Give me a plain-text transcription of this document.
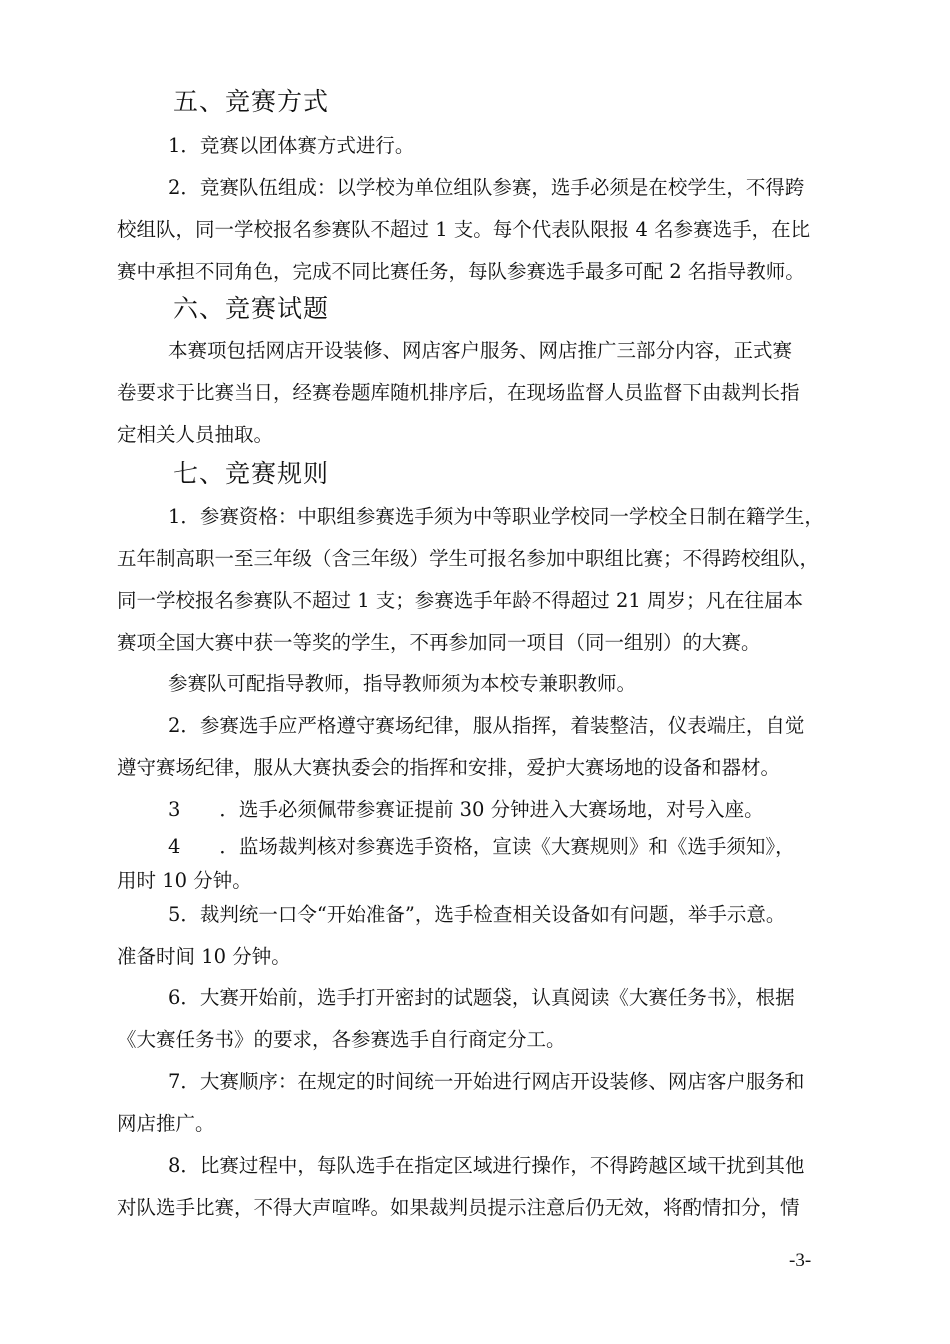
五、竞赛方式
1．竞赛以团体赛方式进行。
2．竞赛队伍组成：以学校为单位组队参赛，选手必须是在校学生，不得跨
校组队，同一学校报名参赛队不超过 1 支。每个代表队限报 4 名参赛选手，在比
赛中承担不同角色，完成不同比赛任务，每队参赛选手最多可配 2 名指导教师。
六、竞赛试题
本赛项包括网店开设装修、网店客户服务、网店推广三部分内容，正式赛
卷要求于比赛当日，经赛卷题库随机排序后，在现场监督人员监督下由裁判长指
定相关人员抽取。
七、竞赛规则
1．参赛资格：中职组参赛选手须为中等职业学校同一学校全日制在籍学生，
五年制高职一至三年级（含三年级）学生可报名参加中职组比赛；不得跨校组队，
同一学校报名参赛队不超过 1 支；参赛选手年龄不得超过 21 周岁；凡在往届本
赛项全国大赛中获一等奖的学生，不再参加同一项目（同一组别）的大赛。
参赛队可配指导教师，指导教师须为本校专兼职教师。
2．参赛选手应严格遵守赛场纪律，服从指挥，着装整洁，仪表端庄，自觉
遵守赛场纪律，服从大赛执委会的指挥和安排，爱护大赛场地的设备和器材。
3　　．选手必须佩带参赛证提前 30 分钟进入大赛场地，对号入座。
4　　．监场裁判核对参赛选手资格，宣读《大赛规则》和《选手须知》，
用时 10 分钟。
5．裁判统一口令“开始准备”，选手检查相关设备如有问题，举手示意。
准备时间 10 分钟。
6．大赛开始前，选手打开密封的试题袋，认真阅读《大赛任务书》，根据
《大赛任务书》的要求，各参赛选手自行商定分工。
7．大赛顺序：在规定的时间统一开始进行网店开设装修、网店客户服务和
网店推广。
8．比赛过程中，每队选手在指定区域进行操作，不得跨越区域干扰到其他
对队选手比赛，不得大声喧哗。如果裁判员提示注意后仍无效，将酌情扣分，情
-3-
